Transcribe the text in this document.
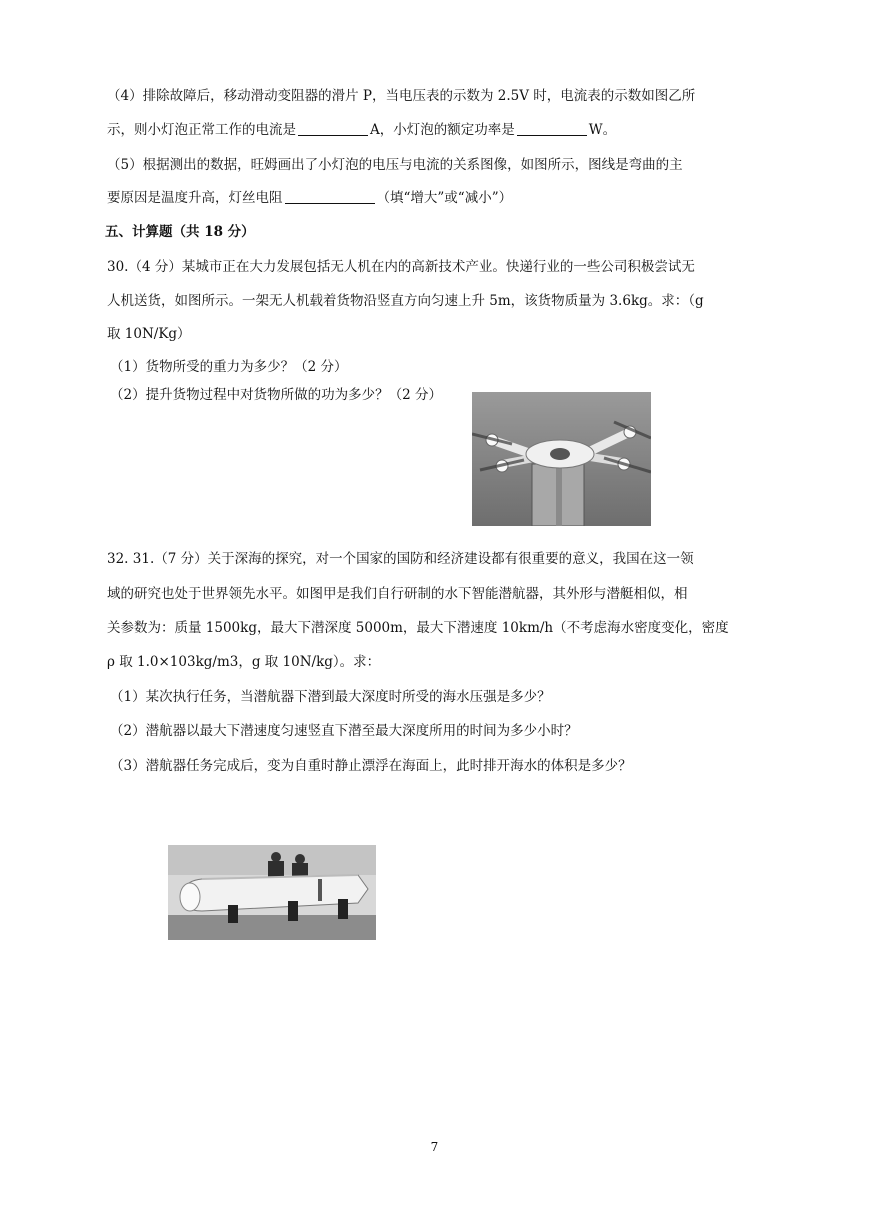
（4）排除故障后，移动滑动变阻器的滑片 P，当电压表的示数为 2.5V 时，电流表的示数如图乙所
示，则小灯泡正常工作的电流是	A，小灯泡的额定功率是	W。
（5）根据测出的数据，旺姆画出了小灯泡的电压与电流的关系图像，如图所示，图线是弯曲的主
要原因是温度升高，灯丝电阻	（填“增大”或“减小”）
五、计算题（共 18 分）
30.（4 分）某城市正在大力发展包括无人机在内的高新技术产业。快递行业的一些公司积极尝试无
人机送货，如图所示。一架无人机载着货物沿竖直方向匀速上升 5m，该货物质量为 3.6kg。求：（g
取 10N/Kg）
（1）货物所受的重力为多少？（2 分）
（2）提升货物过程中对货物所做的功为多少？（2 分）
32. 31.（7 分）关于深海的探究，对一个国家的国防和经济建设都有很重要的意义，我国在这一领
域的研究也处于世界领先水平。如图甲是我们自行研制的水下智能潜航器，其外形与潜艇相似，相
关参数为：质量 1500kg，最大下潜深度 5000m，最大下潜速度 10km/h（不考虑海水密度变化，密度
ρ 取 1.0×103kg/m3，g 取 10N/kg）。求：
（1）某次执行任务，当潜航器下潜到最大深度时所受的海水压强是多少？
（2）潜航器以最大下潜速度匀速竖直下潜至最大深度所用的时间为多少小时？
（3）潜航器任务完成后，变为自重时静止漂浮在海面上，此时排开海水的体积是多少？
7
